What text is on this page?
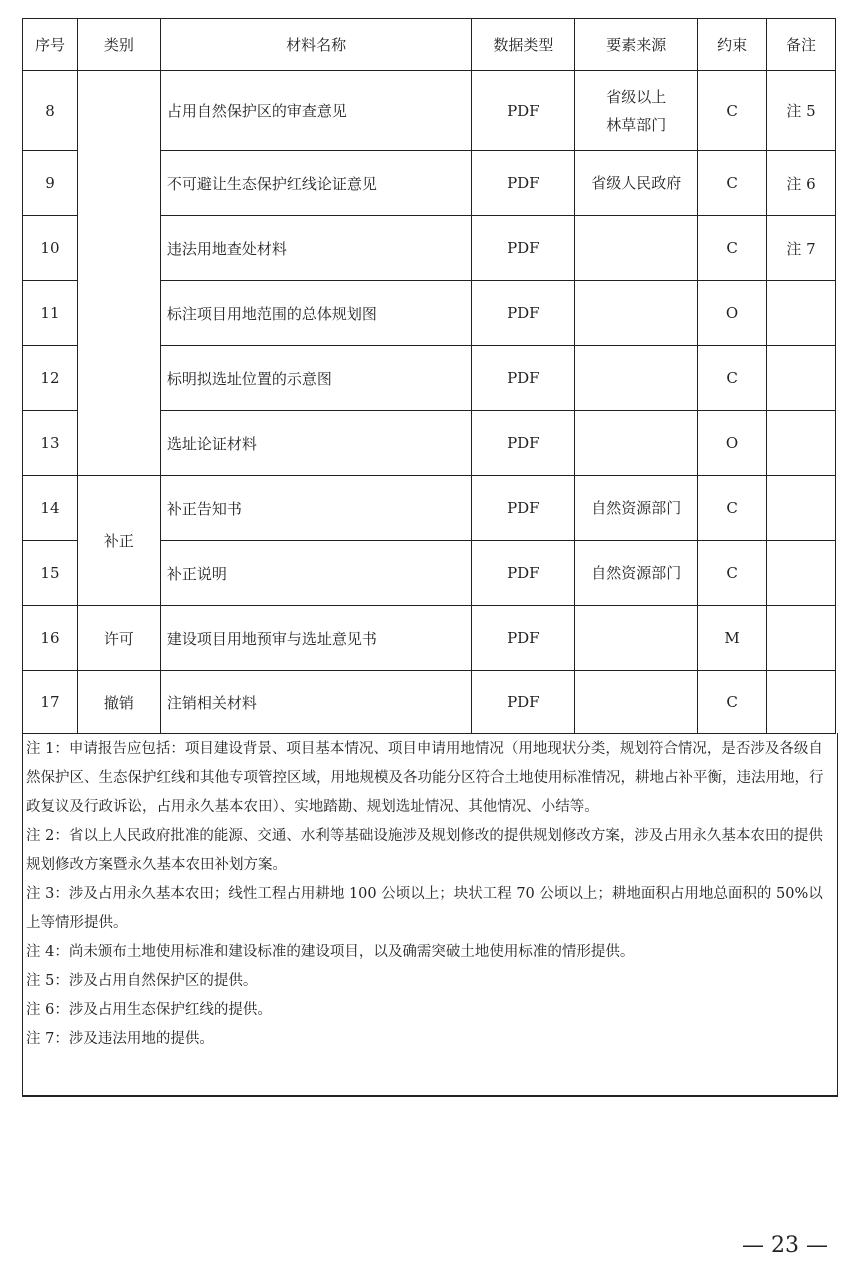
序号	类别	材料名称	数据类型	要素来源	约束	备注
8		占用自然保护区的审查意见	PDF	省级以上
林草部门	C	注 5
9		不可避让生态保护红线论证意见	PDF	省级人民政府	C	注 6
10		违法用地查处材料	PDF		C	注 7
11		标注项目用地范围的总体规划图	PDF		O	
12		标明拟选址位置的示意图	PDF		C	
13		选址论证材料	PDF		O	
14	补正	补正告知书	PDF	自然资源部门	C	
15		补正说明	PDF	自然资源部门	C	
16	许可	建设项目用地预审与选址意见书	PDF		M	
17	撤销	注销相关材料	PDF		C	

注 1：申请报告应包括：项目建设背景、项目基本情况、项目申请用地情况（用地现状分类，规划符合情况，是否涉及各级自然保护区、生态保护红线和其他专项管控区域，用地规模及各功能分区符合土地使用标准情况，耕地占补平衡，违法用地，行政复议及行政诉讼，占用永久基本农田）、实地踏勘、规划选址情况、其他情况、小结等。

注 2：省以上人民政府批准的能源、交通、水利等基础设施涉及规划修改的提供规划修改方案，涉及占用永久基本农田的提供规划修改方案暨永久基本农田补划方案。

注 3：涉及占用永久基本农田；线性工程占用耕地 100 公顷以上；块状工程 70 公顷以上；耕地面积占用地总面积的 50%以上等情形提供。

注 4：尚未颁布土地使用标准和建设标准的建设项目，以及确需突破土地使用标准的情形提供。

注 5：涉及占用自然保护区的提供。

注 6：涉及占用生态保护红线的提供。

注 7：涉及违法用地的提供。

— 23 —
